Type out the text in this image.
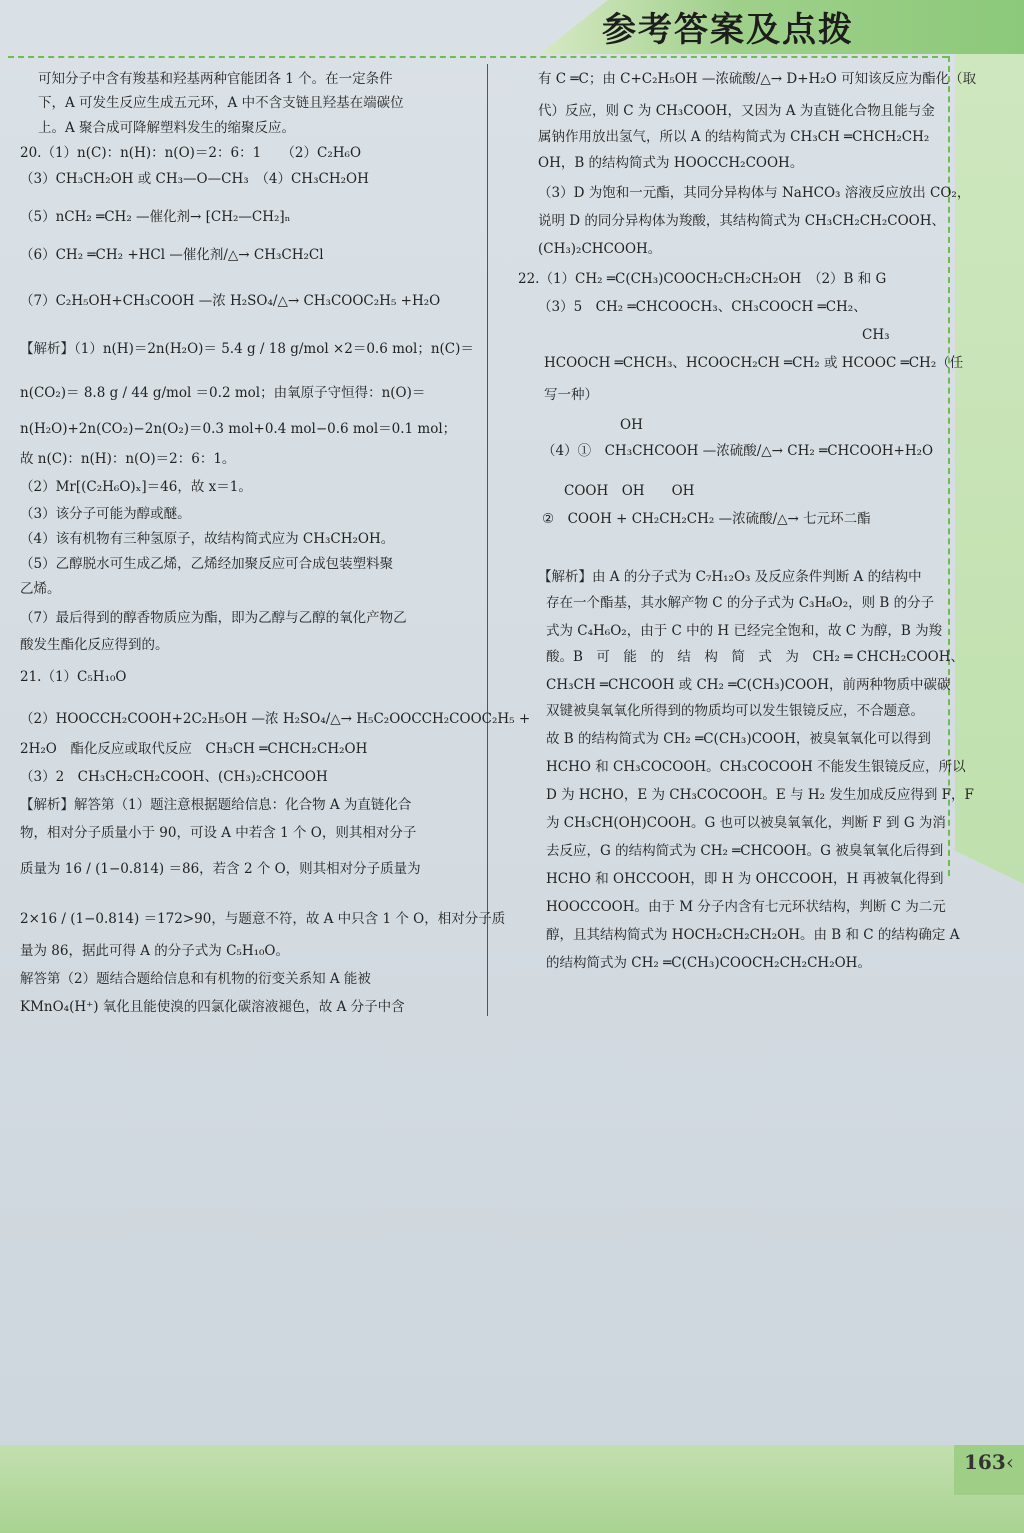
参考答案及点拨
可知分子中含有羧基和羟基两种官能团各 1 个。在一定条件
下，A 可发生反应生成五元环，A 中不含支链且羟基在端碳位
上。A 聚合成可降解塑料发生的缩聚反应。
20.（1）n(C)：n(H)：n(O)＝2：6：1　　（2）C₂H₆O
（3）CH₃CH₂OH 或 CH₃—O—CH₃　（4）CH₃CH₂OH
（5）nCH₂ ═CH₂ —催化剂→ ⁅CH₂—CH₂⁆ₙ
（6）CH₂ ═CH₂ +HCl —催化剂/△→ CH₃CH₂Cl
（7）C₂H₅OH+CH₃COOH —浓 H₂SO₄/△→ CH₃COOC₂H₅ +H₂O
【解析】（1）n(H)＝2n(H₂O)＝ 5.4 g / 18 g/mol ×2＝0.6 mol；n(C)＝
n(CO₂)＝ 8.8 g / 44 g/mol ＝0.2 mol；由氧原子守恒得：n(O)＝
n(H₂O)+2n(CO₂)−2n(O₂)＝0.3 mol+0.4 mol−0.6 mol＝0.1 mol；
故 n(C)：n(H)：n(O)＝2：6：1。
（2）Mr[(C₂H₆O)ₓ]＝46，故 x＝1。
（3）该分子可能为醇或醚。
（4）该有机物有三种氢原子，故结构简式应为 CH₃CH₂OH。
（5）乙醇脱水可生成乙烯，乙烯经加聚反应可合成包装塑料聚
乙烯。
（7）最后得到的醇香物质应为酯，即为乙醇与乙醇的氧化产物乙
酸发生酯化反应得到的。
21.（1）C₅H₁₀O
（2）HOOCCH₂COOH+2C₂H₅OH —浓 H₂SO₄/△→ H₅C₂OOCCH₂COOC₂H₅ +
2H₂O　酯化反应或取代反应　CH₃CH ═CHCH₂CH₂OH
（3）2　CH₃CH₂CH₂COOH、(CH₃)₂CHCOOH
【解析】解答第（1）题注意根据题给信息：化合物 A 为直链化合
物，相对分子质量小于 90，可设 A 中若含 1 个 O，则其相对分子
质量为 16 / (1−0.814) ＝86，若含 2 个 O，则其相对分子质量为
2×16 / (1−0.814) ＝172>90，与题意不符，故 A 中只含 1 个 O，相对分子质
量为 86，据此可得 A 的分子式为 C₅H₁₀O。
解答第（2）题结合题给信息和有机物的衍变关系知 A 能被
KMnO₄(H⁺) 氧化且能使溴的四氯化碳溶液褪色，故 A 分子中含
有 C ═C；由 C+C₂H₅OH —浓硫酸/△→ D+H₂O 可知该反应为酯化（取
代）反应，则 C 为 CH₃COOH，又因为 A 为直链化合物且能与金
属钠作用放出氢气，所以 A 的结构简式为 CH₃CH ═CHCH₂CH₂
OH，B 的结构简式为 HOOCCH₂COOH。
（3）D 为饱和一元酯，其同分异构体与 NaHCO₃ 溶液反应放出 CO₂，
说明 D 的同分异构体为羧酸，其结构简式为 CH₃CH₂CH₂COOH、
(CH₃)₂CHCOOH。
22.（1）CH₂ ═C(CH₃)COOCH₂CH₂CH₂OH　（2）B 和 G
（3）5　CH₂ ═CHCOOCH₃、CH₃COOCH ═CH₂、
CH₃
HCOOCH ═CHCH₃、HCOOCH₂CH ═CH₂ 或 HCOOC ═CH₂（任
写一种）
OH
（4）①　CH₃CHCOOH —浓硫酸/△→ CH₂ ═CHCOOH+H₂O
COOH　OH　　OH
②　COOH + CH₂CH₂CH₂ —浓硫酸/△→ 七元环二酯
【解析】由 A 的分子式为 C₇H₁₂O₃ 及反应条件判断 A 的结构中
存在一个酯基，其水解产物 C 的分子式为 C₃H₈O₂，则 B 的分子
式为 C₄H₆O₂，由于 C 中的 H 已经完全饱和，故 C 为醇，B 为羧
酸。B　可　能　的　结　构　简　式　为　CH₂ ═ CHCH₂COOH、
CH₃CH ═CHCOOH 或 CH₂ ═C(CH₃)COOH，前两种物质中碳碳
双键被臭氧氧化所得到的物质均可以发生银镜反应，不合题意。
故 B 的结构简式为 CH₂ ═C(CH₃)COOH，被臭氧氧化可以得到
HCHO 和 CH₃COCOOH。CH₃COCOOH 不能发生银镜反应，所以
D 为 HCHO，E 为 CH₃COCOOH。E 与 H₂ 发生加成反应得到 F，F
为 CH₃CH(OH)COOH。G 也可以被臭氧氧化，判断 F 到 G 为消
去反应，G 的结构简式为 CH₂ ═CHCOOH。G 被臭氧氧化后得到
HCHO 和 OHCCOOH，即 H 为 OHCCOOH，H 再被氧化得到
HOOCCOOH。由于 M 分子内含有七元环状结构，判断 C 为二元
醇，且其结构简式为 HOCH₂CH₂CH₂OH。由 B 和 C 的结构确定 A
的结构简式为 CH₂ ═C(CH₃)COOCH₂CH₂CH₂OH。
163 ‹
